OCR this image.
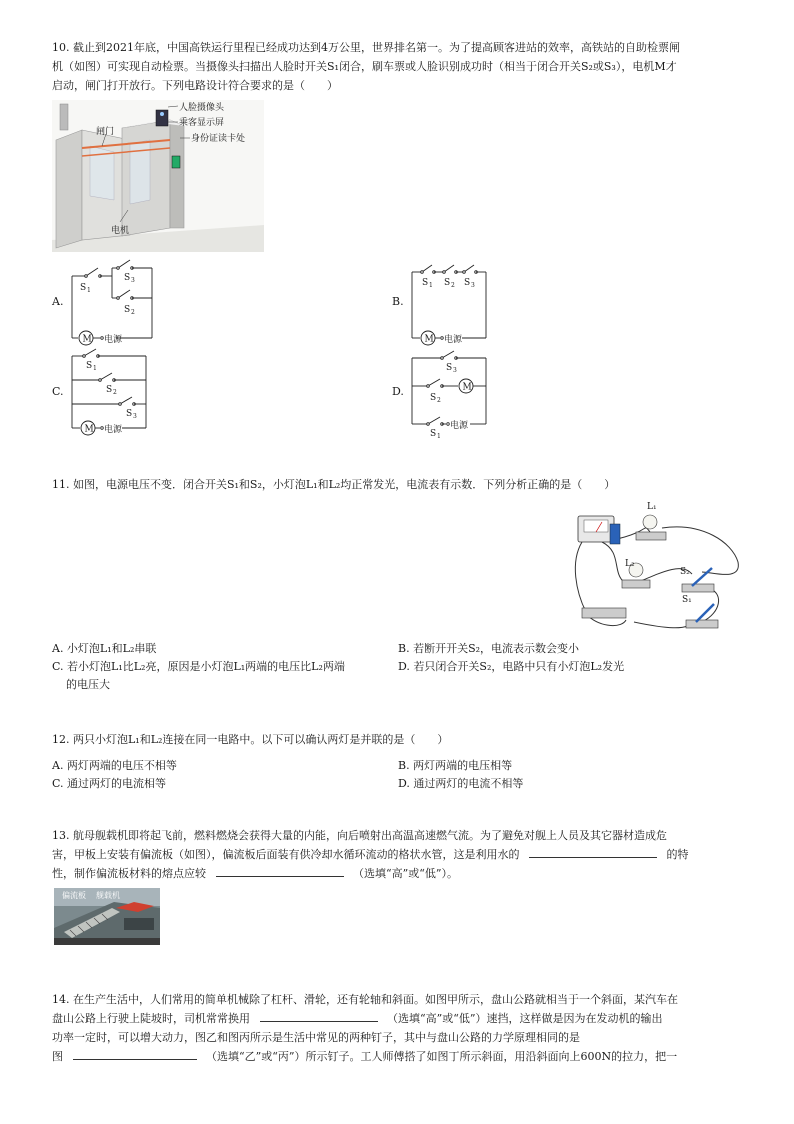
10. 截止到2021年底，中国高铁运行里程已经成功达到4万公里，世界排名第一。为了提高顾客进站的效率，高铁站的自助检票闸
机（如图）可实现自动检票。当摄像头扫描出人脸时开关S₁闭合，刷车票或人脸识别成功时（相当于闭合开关S₂或S₃），电机M才
启动，闸门打开放行。下列电路设计符合要求的是（　　）
人脸摄像头
乘客显示屏
身份证读卡处
闸门
电机
A.
M 电源
S 1
S 3
S 2
B.
M 电源
S 1 S 2 S 3
C.
M 电源
S 1
S 2
S 3
D.	M
电源
S 3
S 2
S 1
11. 如图，电源电压不变．闭合开关S₁和S₂，小灯泡L₁和L₂均正常发光，电流表有示数．下列分析正确的是（　　）
L₁
L₂
S₂
S₁
A. 小灯泡L₁和L₂串联	B. 若断开开关S₂，电流表示数会变小
C. 若小灯泡L₁比L₂亮，原因是小灯泡L₁两端的电压比L₂两端
的电压大
D. 若只闭合开关S₂，电路中只有小灯泡L₂发光
12. 两只小灯泡L₁和L₂连接在同一电路中。以下可以确认两灯是并联的是（　　）
A. 两灯两端的电压不相等	B. 两灯两端的电压相等
C. 通过两灯的电流相等	D. 通过两灯的电流不相等
13. 航母舰载机即将起飞前，燃料燃烧会获得大量的内能，向后喷射出高温高速燃气流。为了避免对舰上人员及其它器材造成危
害，甲板上安装有偏流板（如图），偏流板后面装有供冷却水循环流动的格状水管，这是利用水的	的特
性，制作偏流板材料的熔点应较	（选填“高”或“低”）。
偏流板 舰载机
14. 在生产生活中，人们常用的简单机械除了杠杆、滑轮，还有轮轴和斜面。如图甲所示，盘山公路就相当于一个斜面，某汽车在
盘山公路上行驶上陡坡时，司机常常换用	（选填“高”或“低”）速挡，这样做是因为在发动机的输出
功率一定时，可以增大动力，图乙和图丙所示是生活中常见的两种钉子，其中与盘山公路的力学原理相同的是
图	（选填“乙”或“丙”）所示钉子。工人师傅搭了如图丁所示斜面，用沿斜面向上600N的拉力，把一
